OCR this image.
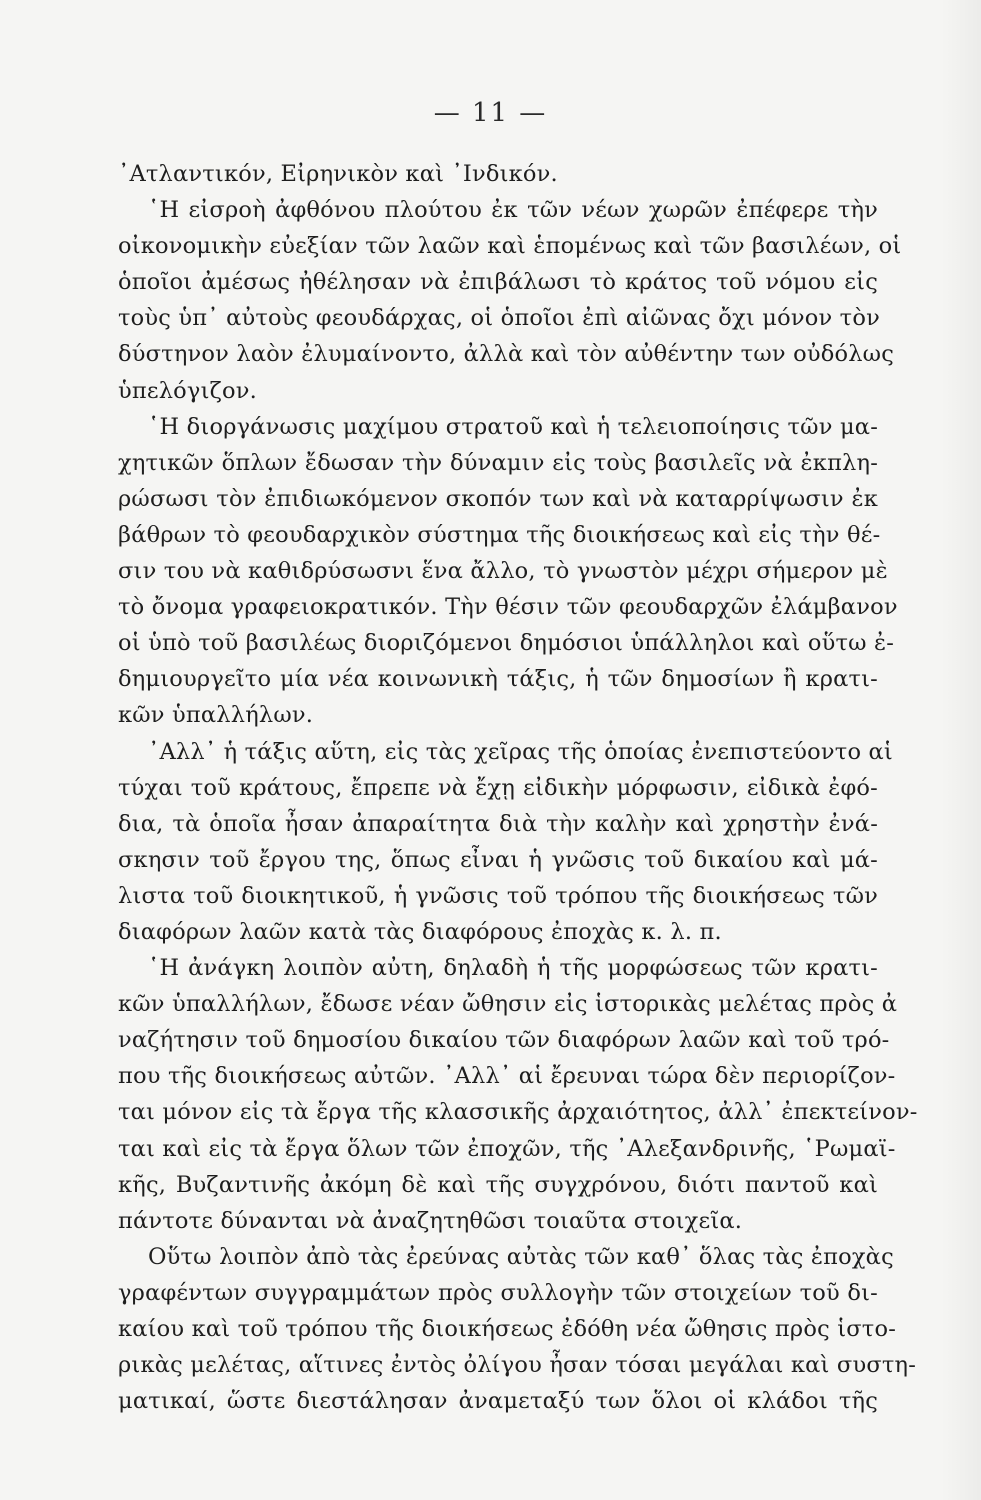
— 11 —
᾿Ατλαντικόν, Εἰρηνικὸν καὶ ᾿Ινδικόν.
῾Η εἰσροὴ ἀφθόνου πλούτου ἐκ τῶν νέων χωρῶν ἐπέφερε τὴν
οἰκονομικὴν εὐεξίαν τῶν λαῶν καὶ ἑπομένως καὶ τῶν βασιλέων, οἱ
ὁποῖοι ἀμέσως ἠθέλησαν νὰ ἐπιβάλωσι τὸ κράτος τοῦ νόμου εἰς
τοὺς ὑπ᾿ αὐτοὺς φεουδάρχας, οἱ ὁποῖοι ἐπὶ αἰῶνας ὄχι μόνον τὸν
δύστηνον λαὸν ἐλυμαίνοντο, ἀλλὰ καὶ τὸν αὐθέντην των οὐδόλως
ὑπελόγιζον.
῾Η διοργάνωσις μαχίμου στρατοῦ καὶ ἡ τελειοποίησις τῶν μα-
χητικῶν ὅπλων ἔδωσαν τὴν δύναμιν εἰς τοὺς βασιλεῖς νὰ ἐκπλη-
ρώσωσι τὸν ἐπιδιωκόμενον σκοπόν των καὶ νὰ καταρρίψωσιν ἐκ
βάθρων τὸ φεουδαρχικὸν σύστημα τῆς διοικήσεως καὶ εἰς τὴν θέ-
σιν του νὰ καθιδρύσωσνι ἕνα ἄλλο, τὸ γνωστὸν μέχρι σήμερον μὲ
τὸ ὄνομα γραφειοκρατικόν. Τὴν θέσιν τῶν φεουδαρχῶν ἐλάμβανον
οἱ ὑπὸ τοῦ βασιλέως διοριζόμενοι δημόσιοι ὑπάλληλοι καὶ οὕτω ἐ-
δημιουργεῖτο μία νέα κοινωνικὴ τάξις, ἡ τῶν δημοσίων ἢ κρατι-
κῶν ὑπαλλήλων.
᾿Αλλ᾿ ἡ τάξις αὕτη, εἰς τὰς χεῖρας τῆς ὁποίας ἐνεπιστεύοντο αἱ
τύχαι τοῦ κράτους, ἔπρεπε νὰ ἔχῃ εἰδικὴν μόρφωσιν, εἰδικὰ ἐφό-
δια, τὰ ὁποῖα ἦσαν ἀπαραίτητα διὰ τὴν καλὴν καὶ χρηστὴν ἐνά-
σκησιν τοῦ ἔργου της, ὅπως εἶναι ἡ γνῶσις τοῦ δικαίου καὶ μά-
λιστα τοῦ διοικητικοῦ, ἡ γνῶσις τοῦ τρόπου τῆς διοικήσεως τῶν
διαφόρων λαῶν κατὰ τὰς διαφόρους ἐποχὰς κ. λ. π.
῾Η ἀνάγκη λοιπὸν αὐτη, δηλαδὴ ἡ τῆς μορφώσεως τῶν κρατι-
κῶν ὑπαλλήλων, ἔδωσε νέαν ὤθησιν εἰς ἱστορικὰς μελέτας πρὸς ἀ
ναζήτησιν τοῦ δημοσίου δικαίου τῶν διαφόρων λαῶν καὶ τοῦ τρό-
που τῆς διοικήσεως αὐτῶν. ᾿Αλλ᾿ αἱ ἔρευναι τώρα δὲν περιορίζον-
ται μόνον εἰς τὰ ἔργα τῆς κλασσικῆς ἀρχαιότητος, ἀλλ᾿ ἐπεκτείνον-
ται καὶ εἰς τὰ ἔργα ὅλων τῶν ἐποχῶν, τῆς ᾿Αλεξανδρινῆς, ῾Ρωμαϊ-
κῆς, Βυζαντινῆς ἀκόμη δὲ καὶ τῆς συγχρόνου, διότι παντοῦ καὶ
πάντοτε δύνανται νὰ ἀναζητηθῶσι τοιαῦτα στοιχεῖα.
Οὕτω λοιπὸν ἀπὸ τὰς ἐρεύνας αὐτὰς τῶν καθ᾿ ὅλας τὰς ἐποχὰς
γραφέντων συγγραμμάτων πρὸς συλλογὴν τῶν στοιχείων τοῦ δι-
καίου καὶ τοῦ τρόπου τῆς διοικήσεως ἐδόθη νέα ὤθησις πρὸς ἱστο-
ρικὰς μελέτας, αἵτινες ἐντὸς ὀλίγου ἦσαν τόσαι μεγάλαι καὶ συστη-
ματικαί, ὥστε διεστάλησαν ἀναμεταξύ των ὅλοι οἱ κλάδοι τῆς
